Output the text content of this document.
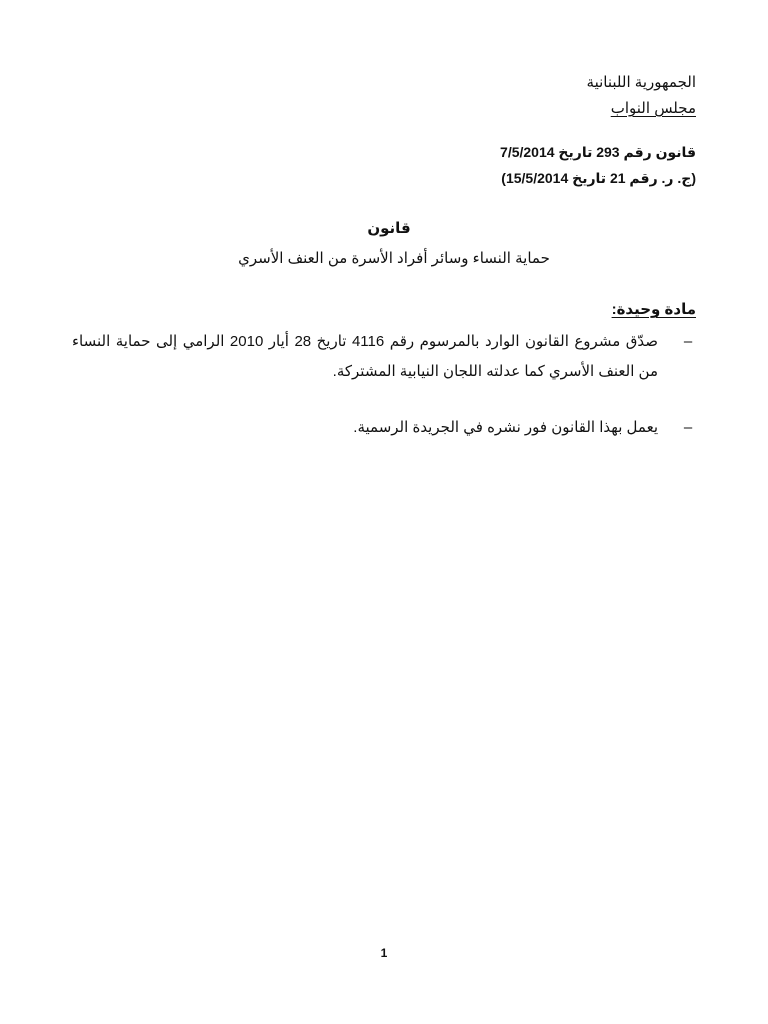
الجمهورية اللبنانية
مجلس النواب
قانون رقم 293 تاريخ 7/5/2014
(ج. ر. رقم 21 تاريخ 15/5/2014)
قانون
حماية النساء وسائر أفراد الأسرة من العنف الأسري
مادة وحيدة:
–
صدّق مشروع القانون الوارد بالمرسوم رقم 4116 تاريخ 28 أيار 2010 الرامي إلى حماية النساء من العنف الأسري كما عدلته اللجان النيابية المشتركة.
–
يعمل بهذا القانون فور نشره في الجريدة الرسمية.
1
